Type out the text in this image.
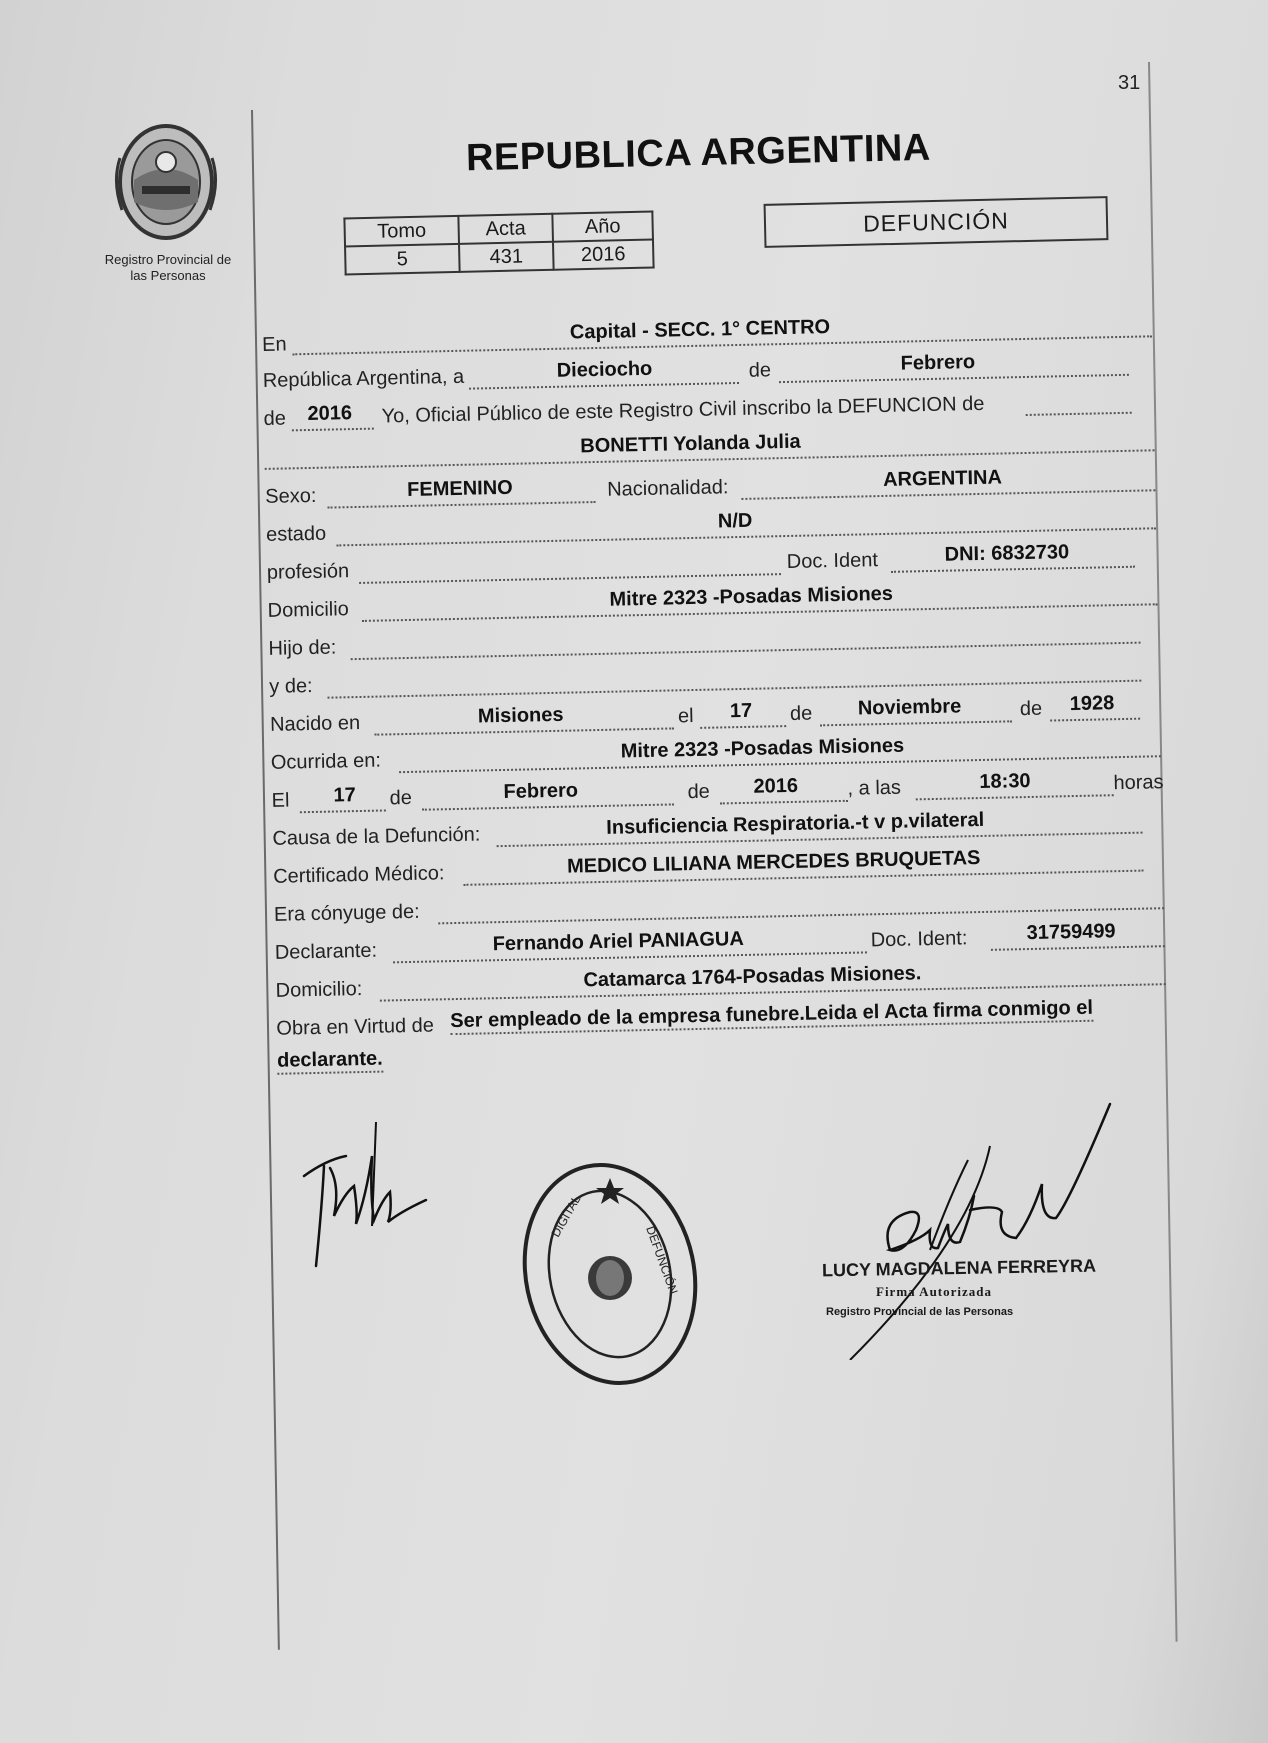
31
Registro Provincial de las Personas
REPUBLICA ARGENTINA
Tomo	Acta	Año
5	431	2016
DEFUNCIÓN
En
Capital - SECC. 1° CENTRO
República Argentina, a	Dieciocho	de	Febrero
de 2016 Yo, Oficial Público de este Registro Civil inscribo la DEFUNCION de
BONETTI Yolanda Julia
Sexo:	FEMENINO	Nacionalidad:	ARGENTINA
estado
N/D
profesión	Doc. Ident	DNI: 6832730
Domicilio	Mitre 2323 -Posadas Misiones
Hijo de:
y de:
Nacido en	Misiones	el 17 de Noviembre	de 1928
Ocurrida en:	Mitre 2323 -Posadas Misiones
El 17 de	Febrero	de 2016 , a las	18:30	horas
Causa de la Defunción:	Insuficiencia Respiratoria.-t v p.vilateral
Certificado Médico:	MEDICO LILIANA MERCEDES BRUQUETAS
Era cónyuge de:
Declarante:	Fernando Ariel PANIAGUA	Doc. Ident:	31759499
Domicilio:	Catamarca 1764-Posadas Misiones.
Obra en Virtud de Ser empleado de la empresa funebre.Leida el Acta firma conmigo el
declarante.
DIGITAL
DEFUNCIÓN	LUCY MAGDALENA FERREYRA
Firma Autorizada
Registro Provincial de las Personas
